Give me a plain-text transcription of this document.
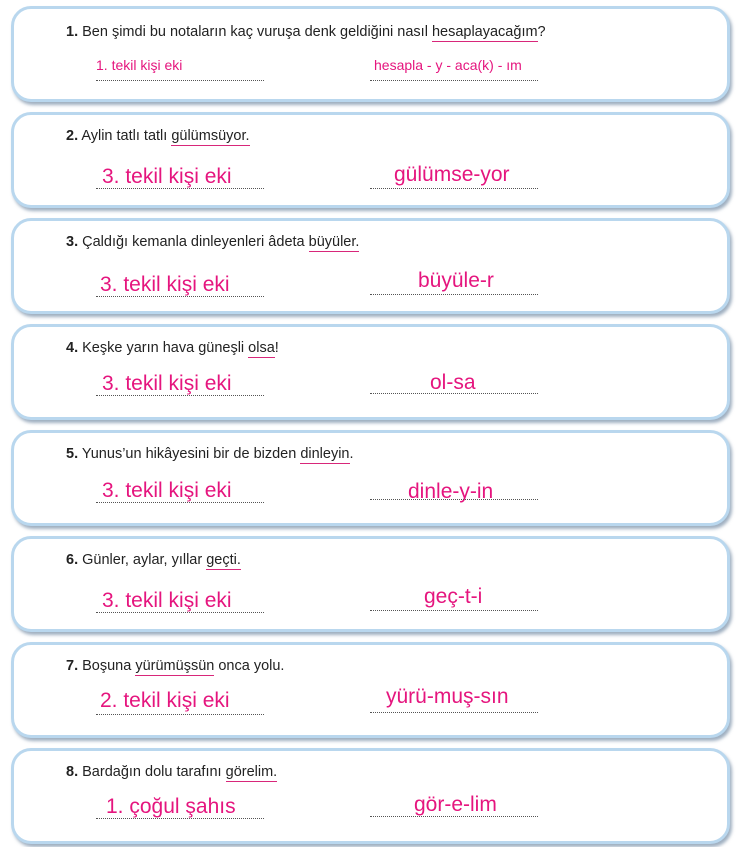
1. Ben şimdi bu notaların kaç vuruşa denk geldiğini nasıl hesaplayacağım?
1. tekil kişi eki	hesapla - y - aca(k) - ım
2. Aylin tatlı tatlı gülümsüyor.
3. tekil kişi eki	gülümse-yor
3. Çaldığı kemanla dinleyenleri âdeta büyüler.
3. tekil kişi eki	büyüle-r
4. Keşke yarın hava güneşli olsa!
3. tekil kişi eki	ol-sa
5. Yunus’un hikâyesini bir de bizden dinleyin.
3. tekil kişi eki	dinle-y-in
6. Günler, aylar, yıllar geçti.
3. tekil kişi eki	geç-t-i
7. Boşuna yürümüşsün onca yolu.
2. tekil kişi eki	yürü-muş-sın
8. Bardağın dolu tarafını görelim.
1. çoğul şahıs	gör-e-lim
